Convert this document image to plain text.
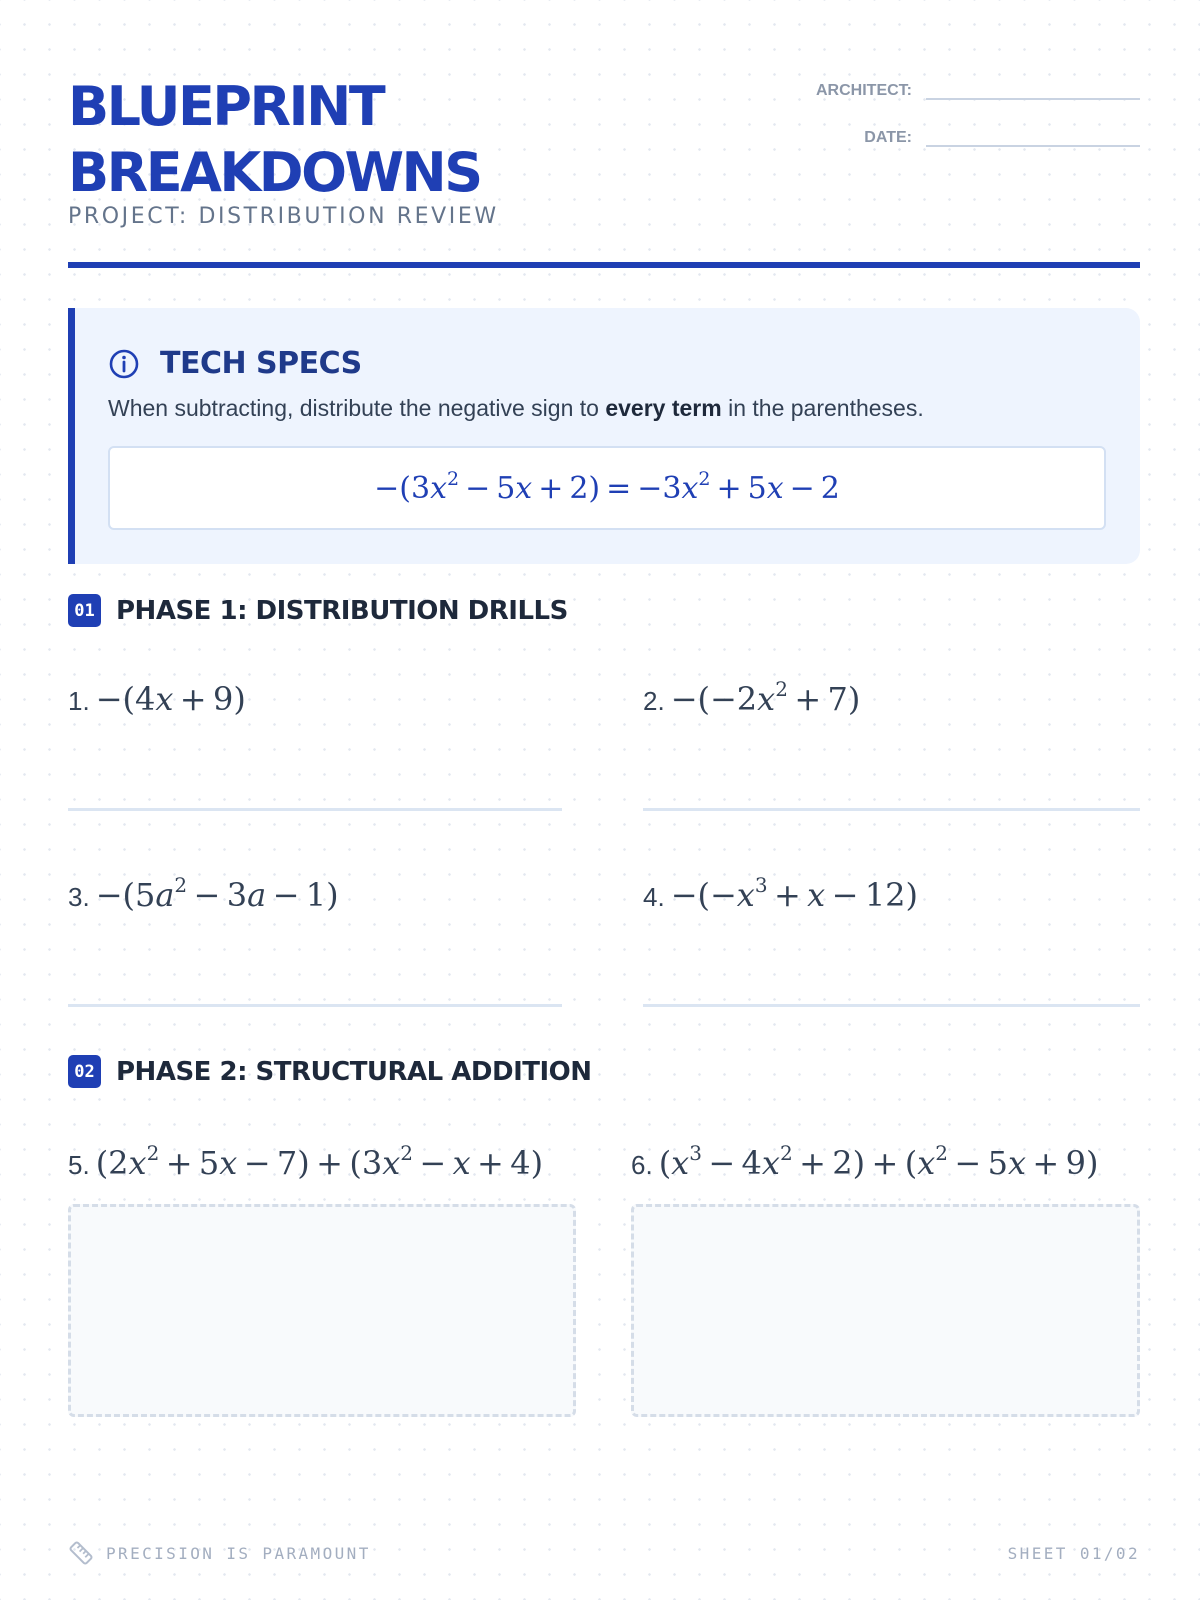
BLUEPRINT
BREAKDOWNS
PROJECT: DISTRIBUTION REVIEW
ARCHITECT:
DATE:
TECH SPECS
When subtracting, distribute the negative sign to every term in the parentheses.
$-(3x^2 - 5x + 2) = -3x^2 + 5x - 2$
01 PHASE 1: DISTRIBUTION DRILLS
1. −(4x + 9)	2. $-(-2x^2 + 7)$
3. $-(5a^2 - 3a - 1)$	4. $-(-x^3 + x - 12)$
02 PHASE 2: STRUCTURAL ADDITION
5. $(2x^2 + 5x - 7) + (3x^2 - x + 4)$	6. $(x^3 - 4x^2 + 2) + (x^2 - 5x + 9)$
PRECISION IS PARAMOUNT	SHEET 01/02
